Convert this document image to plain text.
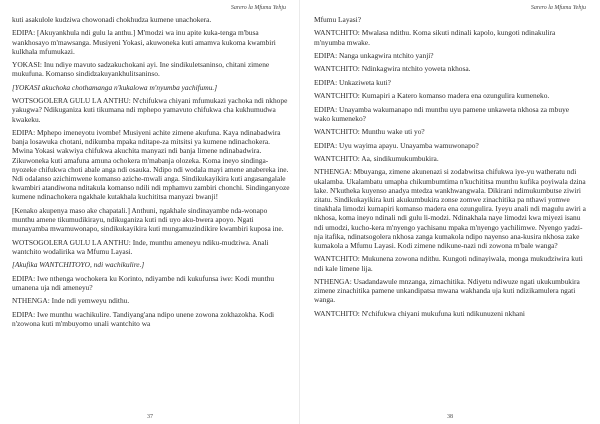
Sarero la Mfumu Yehju

kuti asakulole kudziwa chowonadi chokhudza kumene unachokera.

EDIPA: [Akuyankhula ndi gulu la anthu.] M'modzi wa inu apite kuka-tenga m'busa wankhosayo m'mawsanga. Musiyeni Yokasi, akuwoneka kuti amamva kukoma kwambiri kulkhala mfumukazi.

YOKASI: Inu ndiye mavuto sadzakuchokani ayi. Ine sindikuletsaninso, chitani zimene mukufuna. Komanso sindidzakuyankhulitsaninso.

[YOKASI akuchoka chothamanga n'kukalowa m'nyumba yachifumu.]

WOTSOGOLERA GULU LA ANTHU: N'chifukwa chiyani mfumukazi yachoka ndi nkhope yakugwa? Ndikuganiza kuti tikumana ndi mphepo yamavuto chifukwa cha kukhumudwa kwakeku.

EDIPA: Mphepo imeneyotu ivombe! Musiyeni achite zimene akufuna. Kaya ndinabadwira banja losawuka chotani, ndikumba mpaka nditape-za mitsitsi ya kumene ndinachokera. Mwina Yokasi wakwiya chifukwa akuchita manyazi ndi banja limene ndinabadwira. Zikuwoneka kuti amafuna amuna ochokera m'mabanja olozeka. Koma ineyo sindinga-nyozeke chifukwa choti abale anga ndi osauka. Ndipo ndi wodala mayi amene anabereka ine. Ndi odalanso azichimwene komanso aziche-mwali anga. Sindikukayikira kuti angasangalale kwambiri atandiwona nditakula komanso ndili ndi mphamvu zambiri chonchi. Sindinganyoze kumene ndinachokera ngakhale kutakhala kuchititsa manyazi bwanji!

[Kenako akupenya maso ake chapatali.] Anthuni, ngakhale sindinayambe nda-wonapo munthu amene tikumudikirayu, ndikuganiza kuti ndi uyo aku-bwera apoyo. Ngati munayamba mwamuwonapo, sindikukayikira kuti mungamuzindikire kwambiri kuposa ine.

WOTSOGOLERA GULU LA ANTHU: Inde, munthu ameneyu ndiku-mudziwa. Anali wantchito wodalirika wa Mfumu Layasi.

[Akufika WANTCHITOYO, ndi wachikulire.]

EDIPA: Iwe nthenga wochokera ku Korinto, ndiyambe ndi kukufunsa iwe: Kodi munthu umanena uja ndi ameneyu?

NTHENGA: Inde ndi yemweyu ndithu.

EDIPA: Iwe munthu wachikulire. Tandiyang'ana ndipo unene zowona zokhazokha. Kodi n'zowona kuti m'mbuyomo unali wantchito wa

37
Sarero la Mfumu Yehju

Mfumu Layasi?

WANTCHITO: Mwalasa ndithu. Koma sikuti ndinali kapolo, kungoti ndinakulira m'nyumba mwake.

EDIPA: Nanga unkagwira ntchito yanji?

WANTCHITO: Ndinkagwira ntchito yoweta nkhosa.

EDIPA: Unkaziweta kuti?

WANTCHITO: Kumapiri a Katero komanso madera ena ozungulira kumeneko.

EDIPA: Unayamba wakumanapo ndi munthu uyu pamene unkaweta nkhosa za mbuye wako kumeneko?

WANTCHITO: Munthu wake uti yo?

EDIPA: Uyu wayima apayu. Unayamba wamuwonapo?

WANTCHITO: Aa, sindikumukumbukira.

NTHENGA: Mbuyanga, zimene akunenazi si zodabwitsa chifukwa iye-yu watheratu ndi ukalamba. Ukalambatu umapha chikumbumtima n'kuchititsa munthu kufika poyiwala dzina lake. N'kutheka kuyenso anadya mtedza wankhwangwala. Dikirani ndimukumbutse ziwiri zitatu. Sindikukayikira kuti akukumbukira zonse zomwe zinachitika pa nthawi yomwe tinakhala limodzi kumapiri komanso madera ena ozungulira. Iyeyu anali ndi magulu awiri a nkhosa, koma ineyo ndinali ndi gulu li-modzi. Ndinakhala naye limodzi kwa miyezi isanu ndi umodzi, kucho-kera m'nyengo yachisanu mpaka m'nyengo yachilimwe. Nyengo yadzi-nja itafika, ndinatsogolera nkhosa zanga kumakola ndipo nayenso ana-kusira nkhosa zake kumakola a Mfumu Layasi. Kodi zimene ndikune-nazi ndi zowona m'bale wanga?

WANTCHITO: Mukunena zowona ndithu. Kungoti ndinayiwala, monga mukudziwira kuti ndi kale limene lija.

NTHENGA: Usadandawule mnzanga, zimachitika. Ndiyetu ndiwuze ngati ukukumbukira zimene zinachitika pamene unkandipatsa mwana wakhanda uja kuti ndizikamulera ngati wanga.

WANTCHITO: N'chifukwa chiyani mukufuna kuti ndikunuzeni nkhani

38
